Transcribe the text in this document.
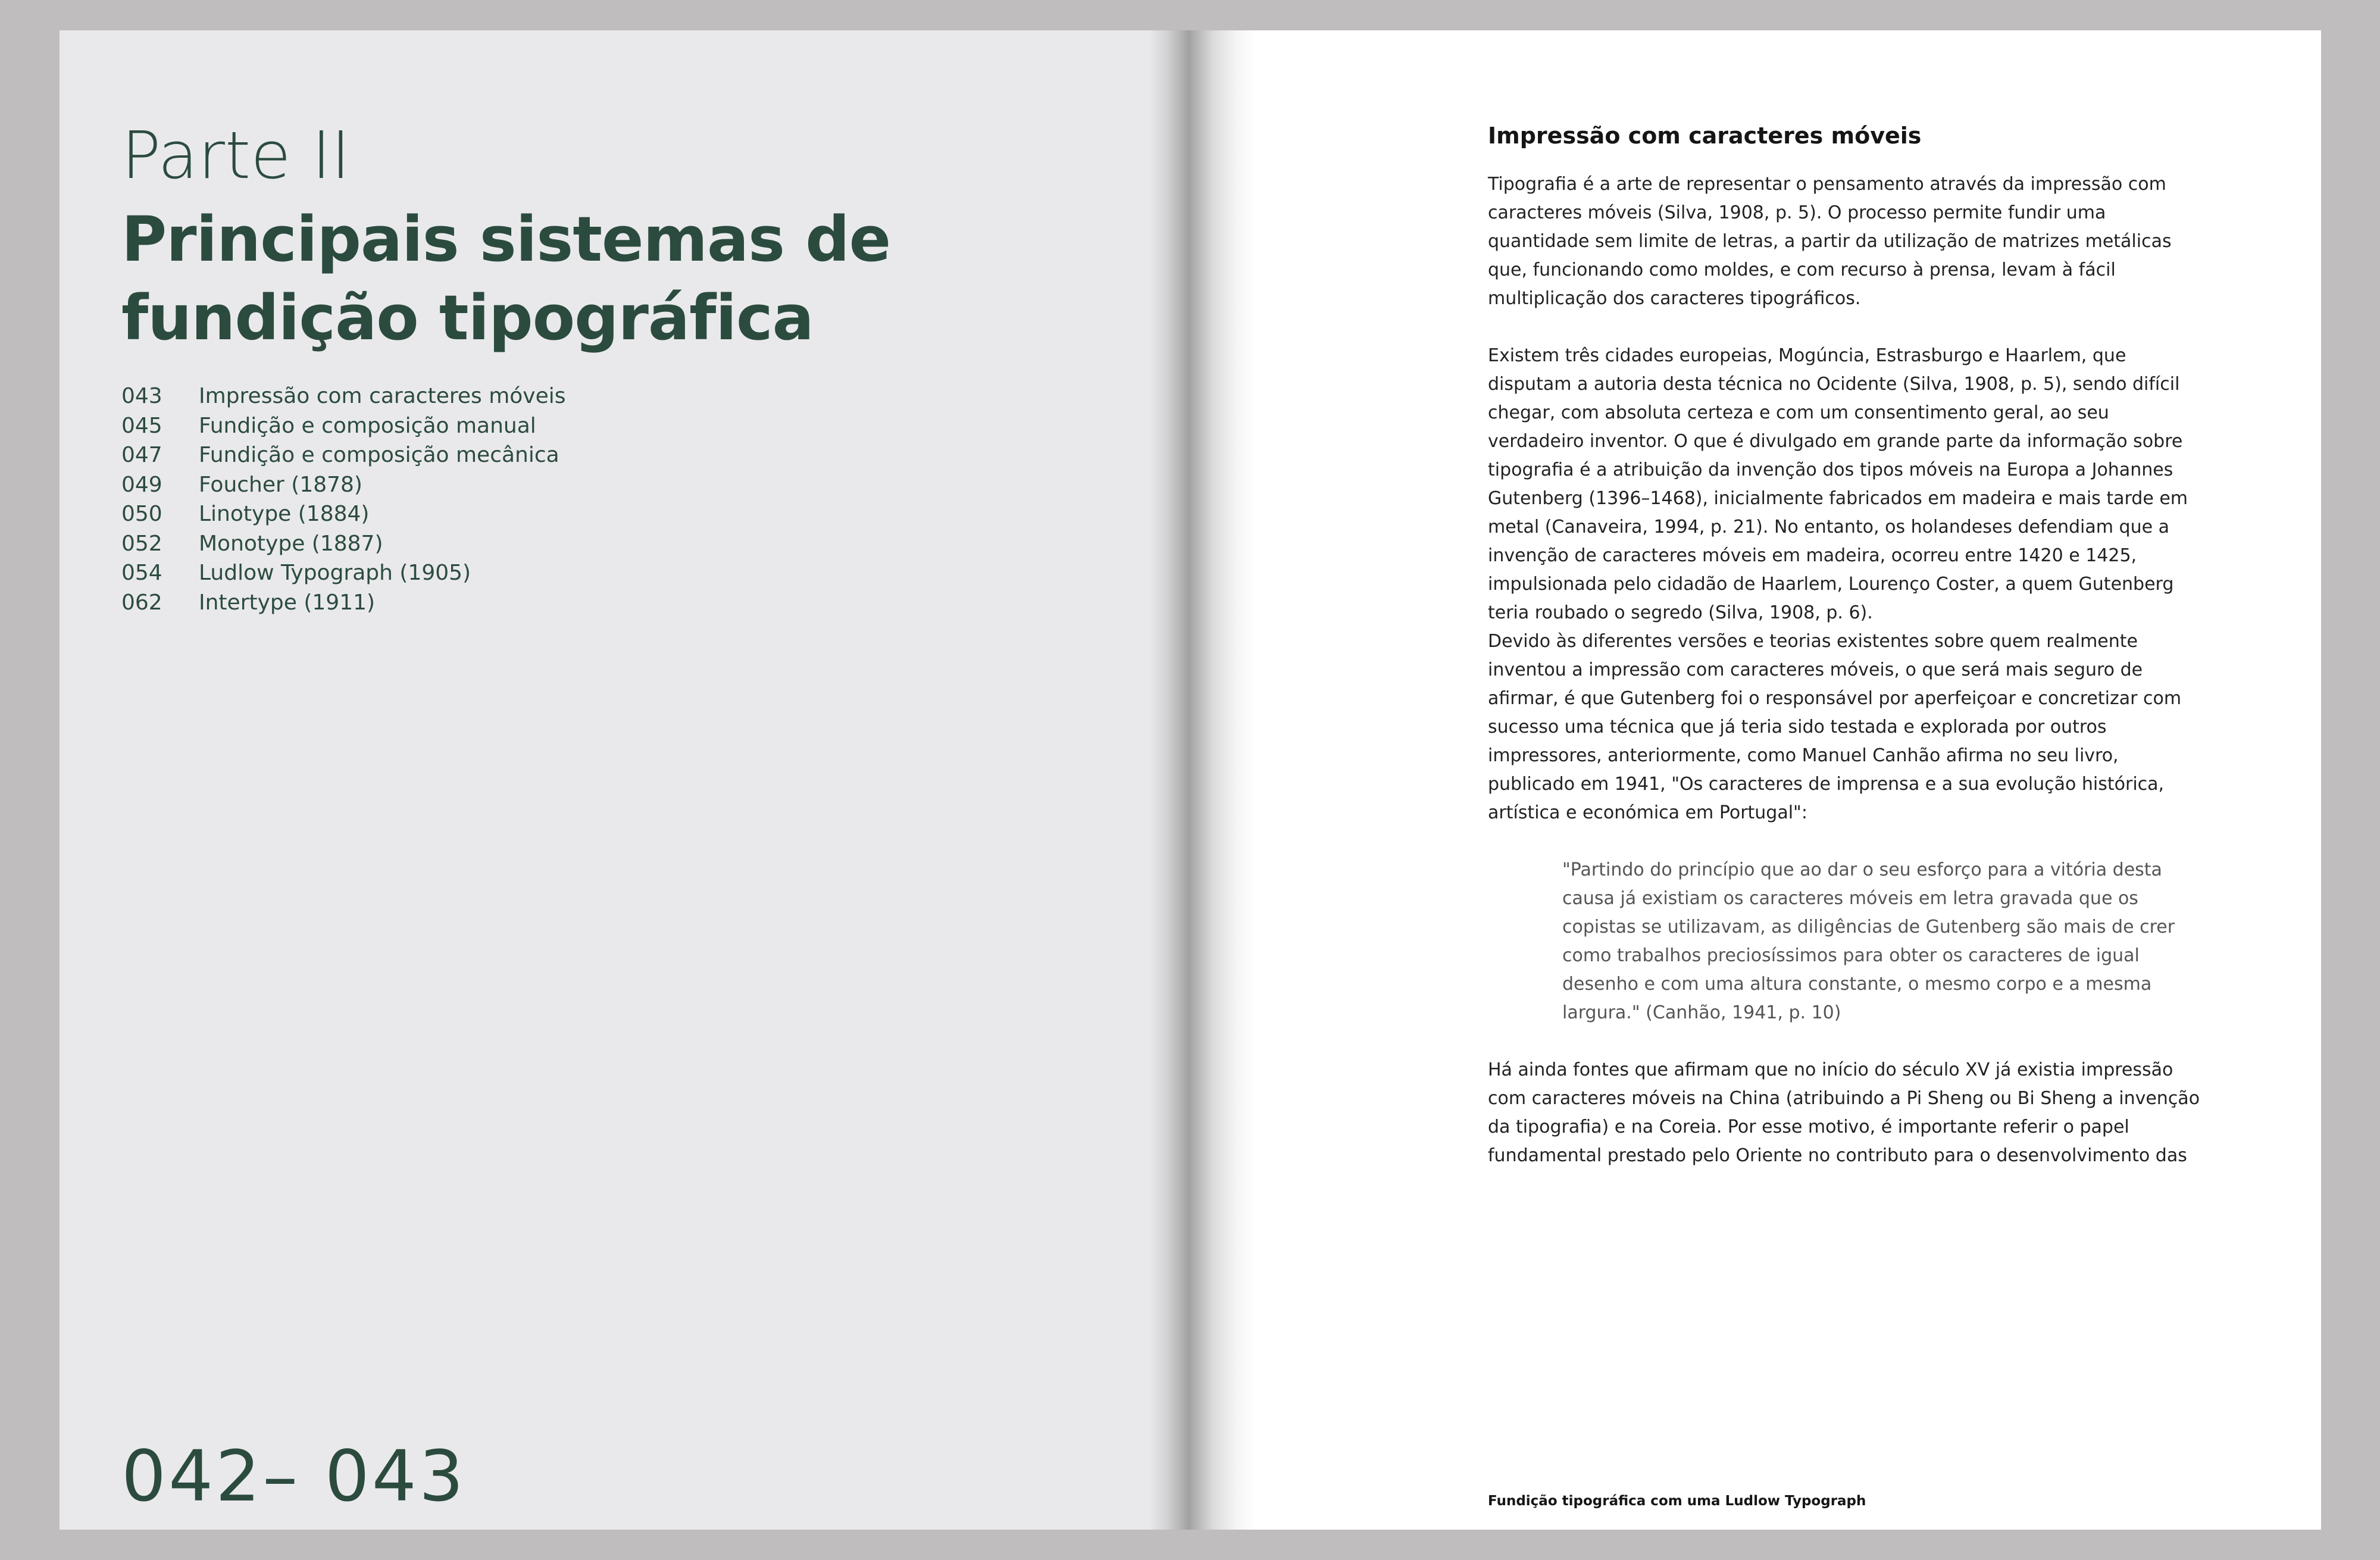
Parte II
Principais sistemas de fundição tipográfica
043	Impressão com caracteres móveis
045	Fundição e composição manual
047	Fundição e composição mecânica
049	Foucher (1878)
050	Linotype (1884)
052	Monotype (1887)
054	Ludlow Typograph (1905)
062	Intertype (1911)
042– 043
Impressão com caracteres móveis

Tipografia é a arte de representar o pensamento através da impressão com caracteres móveis (Silva, 1908, p. 5). O processo permite fundir uma quantidade sem limite de letras, a partir da utilização de matrizes metálicas que, funcionando como moldes, e com recurso à prensa, levam à fácil multiplicação dos caracteres tipográficos.

Existem três cidades europeias, Mogúncia, Estrasburgo e Haarlem, que disputam a autoria desta técnica no Ocidente (Silva, 1908, p. 5), sendo difícil chegar, com absoluta certeza e com um consentimento geral, ao seu verdadeiro inventor. O que é divulgado em grande parte da informação sobre tipografia é a atribuição da invenção dos tipos móveis na Europa a Johannes Gutenberg (1396–1468), inicialmente fabricados em madeira e mais tarde em metal (Canaveira, 1994, p. 21). No entanto, os holandeses defendiam que a invenção de caracteres móveis em madeira, ocorreu entre 1420 e 1425, impulsionada pelo cidadão de Haarlem, Lourenço Coster, a quem Gutenberg teria roubado o segredo (Silva, 1908, p. 6).

Devido às diferentes versões e teorias existentes sobre quem realmente inventou a impressão com caracteres móveis, o que será mais seguro de afirmar, é que Gutenberg foi o responsável por aperfeiçoar e concretizar com sucesso uma técnica que já teria sido testada e explorada por outros impressores, anteriormente, como Manuel Canhão afirma no seu livro, publicado em 1941, "Os caracteres de imprensa e a sua evolução histórica, artística e económica em Portugal":

"Partindo do princípio que ao dar o seu esforço para a vitória desta causa já existiam os caracteres móveis em letra gravada que os copistas se utilizavam, as diligências de Gutenberg são mais de crer como trabalhos preciosíssimos para obter os caracteres de igual desenho e com uma altura constante, o mesmo corpo e a mesma largura." (Canhão, 1941, p. 10)

Há ainda fontes que afirmam que no início do século XV já existia impressão com caracteres móveis na China (atribuindo a Pi Sheng ou Bi Sheng a invenção da tipografia) e na Coreia. Por esse motivo, é importante referir o papel fundamental prestado pelo Oriente no contributo para o desenvolvimento das

Fundição tipográfica com uma Ludlow Typograph
